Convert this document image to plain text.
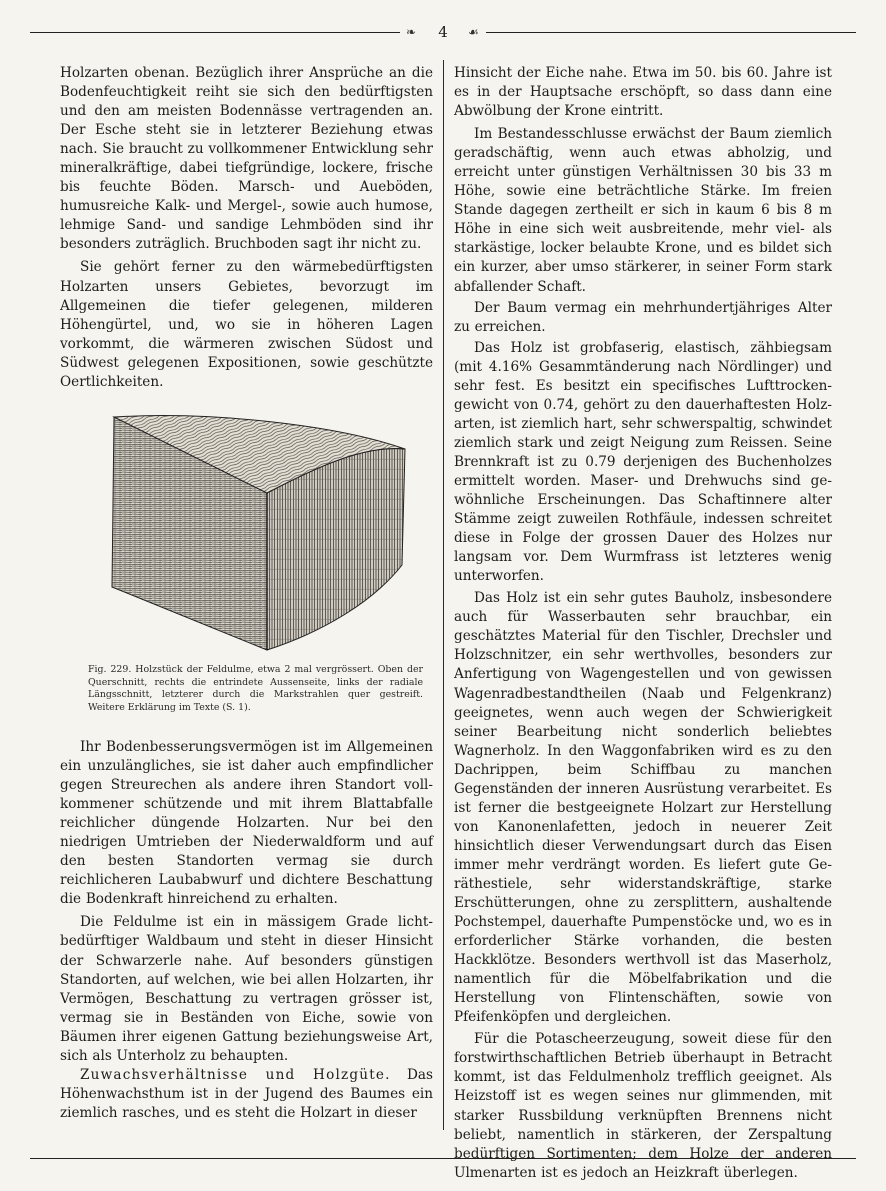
❧	4	☙

Holzarten obenan. Bezüglich ihrer Ansprüche an die Bodenfeuchtigkeit reiht sie sich den bedürftigsten und den am meisten Bodennässe vertragenden an. Der Esche steht sie in letzterer Beziehung etwas nach. Sie braucht zu vollkommener Entwicklung sehr mineralkräftige, dabei tiefgründige, lockere, frische bis feuchte Böden. Marsch- und Aueböden, humusreiche Kalk- und Mergel-, sowie auch humose, lehmige Sand- und sandige Lehmböden sind ihr besonders zuträglich. Bruchboden sagt ihr nicht zu.

Sie gehört ferner zu den wärmebedürftigsten Holzarten unsers Gebietes, bevorzugt im Allgemeinen die tiefer gelegenen, milderen Höhengürtel, und, wo sie in höheren Lagen vorkommt, die wärmeren zwischen Südost und Südwest gelegenen Expositionen, sowie geschützte Oertlichkeiten.

Fig. 229. Holzstück der Feldulme, etwa 2 mal vergrössert. Oben der Querschnitt, rechts die entrindete Aussenseite, links der radiale Längsschnitt, letzterer durch die Markstrahlen quer gestreift. Weitere Erklärung im Texte (S. 1).

Ihr Bodenbesserungsvermögen ist im Allgemeinen ein unzulängliches, sie ist daher auch empfindlicher gegen Streurechen als andere ihren Standort vollkommener schützende und mit ihrem Blattabfalle reichlicher düngende Holzarten. Nur bei den niedrigen Umtrieben der Niederwaldform und auf den besten Standorten vermag sie durch reichlicheren Laubabwurf und dichtere Beschattung die Bodenkraft hinreichend zu erhalten.

Die Feldulme ist ein in mässigem Grade lichtbedürftiger Waldbaum und steht in dieser Hinsicht der Schwarzerle nahe. Auf besonders günstigen Standorten, auf welchen, wie bei allen Holzarten, ihr Vermögen, Beschattung zu vertragen grösser ist, vermag sie in Beständen von Eiche, sowie von Bäumen ihrer eigenen Gattung beziehungsweise Art, sich als Unterholz zu behaupten.

Zuwachsverhältnisse und Holzgüte. Das Höhenwachsthum ist in der Jugend des Baumes ein ziemlich rasches, und es steht die Holzart in dieser

Hinsicht der Eiche nahe. Etwa im 50. bis 60. Jahre ist es in der Hauptsache erschöpft, so dass dann eine Abwölbung der Krone eintritt.

Im Bestandesschlusse erwächst der Baum ziemlich geradschäftig, wenn auch etwas abholzig, und erreicht unter günstigen Verhältnissen 30 bis 33 m Höhe, sowie eine beträchtliche Stärke. Im freien Stande dagegen zertheilt er sich in kaum 6 bis 8 m Höhe in eine sich weit ausbreitende, mehr viel- als starkästige, locker belaubte Krone, und es bildet sich ein kurzer, aber umso stärkerer, in seiner Form stark abfallender Schaft.

Der Baum vermag ein mehrhundertjähriges Alter zu erreichen.

Das Holz ist grobfaserig, elastisch, zähbiegsam (mit 4.16% Gesammtänderung nach Nördlinger) und sehr fest. Es besitzt ein specifisches Lufttrockengewicht von 0.74, gehört zu den dauerhaftesten Holzarten, ist ziemlich hart, sehr schwerspaltig, schwindet ziemlich stark und zeigt Neigung zum Reissen. Seine Brennkraft ist zu 0.79 derjenigen des Buchenholzes ermittelt worden. Maser- und Drehwuchs sind gewöhnliche Erscheinungen. Das Schaftinnere alter Stämme zeigt zuweilen Rothfäule, indessen schreitet diese in Folge der grossen Dauer des Holzes nur langsam vor. Dem Wurmfrass ist letzteres wenig unterworfen.

Das Holz ist ein sehr gutes Bauholz, insbesondere auch für Wasserbauten sehr brauchbar, ein geschätztes Material für den Tischler, Drechsler und Holzschnitzer, ein sehr werthvolles, besonders zur Anfertigung von Wagengestellen und von gewissen Wagenradbestandtheilen (Naab und Felgenkranz) geeignetes, wenn auch wegen der Schwierigkeit seiner Bearbeitung nicht sonderlich beliebtes Wagnerholz. In den Waggonfabriken wird es zu den Dachrippen, beim Schiffbau zu manchen Gegenständen der inneren Ausrüstung verarbeitet. Es ist ferner die bestgeeignete Holzart zur Herstellung von Kanonenlafetten, jedoch in neuerer Zeit hinsichtlich dieser Verwendungsart durch das Eisen immer mehr verdrängt worden. Es liefert gute Geräthestiele, sehr widerstandskräftige, starke Erschütterungen, ohne zu zersplittern, aushaltende Pochstempel, dauerhafte Pumpenstöcke und, wo es in erforderlicher Stärke vorhanden, die besten Hackklötze. Besonders werthvoll ist das Maserholz, namentlich für die Möbelfabrikation und die Herstellung von Flintenschäften, sowie von Pfeifenköpfen und dergleichen.

Für die Potascheerzeugung, soweit diese für den forstwirthschaftlichen Betrieb überhaupt in Betracht kommt, ist das Feldulmenholz trefflich geeignet. Als Heizstoff ist es wegen seines nur glimmenden, mit starker Russbildung verknüpften Brennens nicht beliebt, namentlich in stärkeren, der Zerspaltung bedürftigen Sortimenten; dem Holze der anderen Ulmenarten ist es jedoch an Heizkraft überlegen.
